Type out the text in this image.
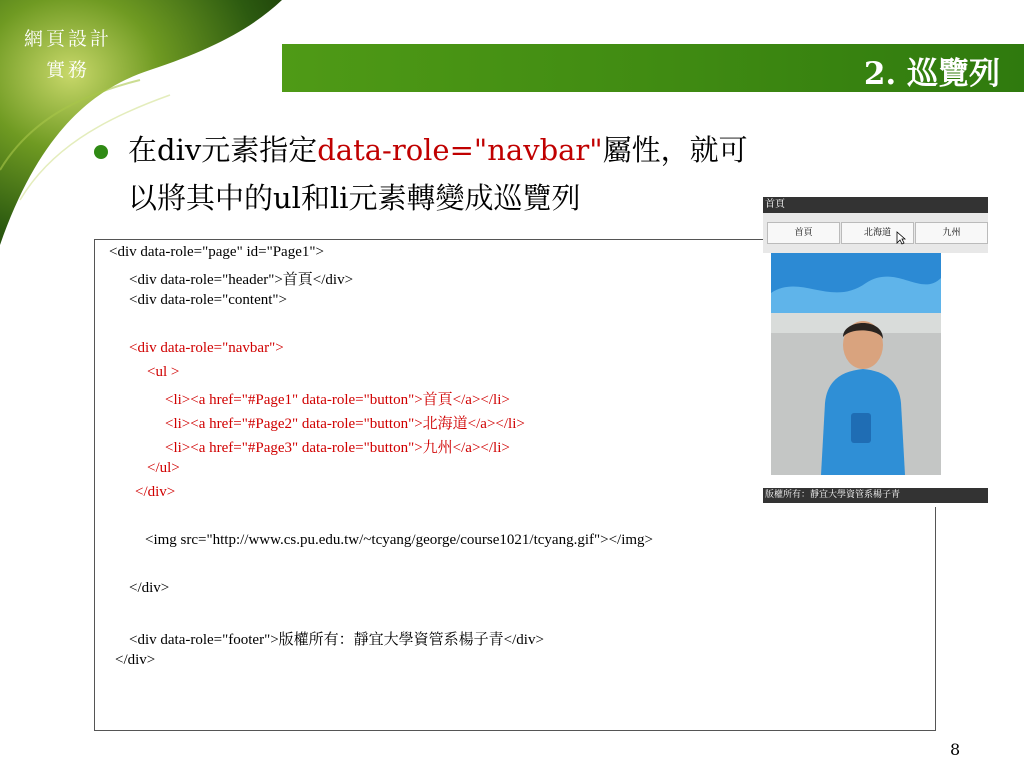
網頁設計
實務	2. 巡覽列
在div元素指定data-role="navbar"屬性，就可以將其中的ul和li元素轉變成巡覽列
<div data-role="page" id="Page1">
<div data-role="header">首頁</div>
<div data-role="content">
<div data-role="navbar">
<ul >
<li><a href="#Page1" data-role="button">首頁</a></li>
<li><a href="#Page2" data-role="button">北海道</a></li>
<li><a href="#Page3" data-role="button">九州</a></li>
</ul>
</div>
<img src="http://www.cs.pu.edu.tw/~tcyang/george/course1021/tcyang.gif"></img>
</div>
<div data-role="footer">版權所有：靜宜大學資管系楊子青</div>
</div>
首頁
首頁	北海道	九州
版權所有：靜宜大學資管系楊子青
8
